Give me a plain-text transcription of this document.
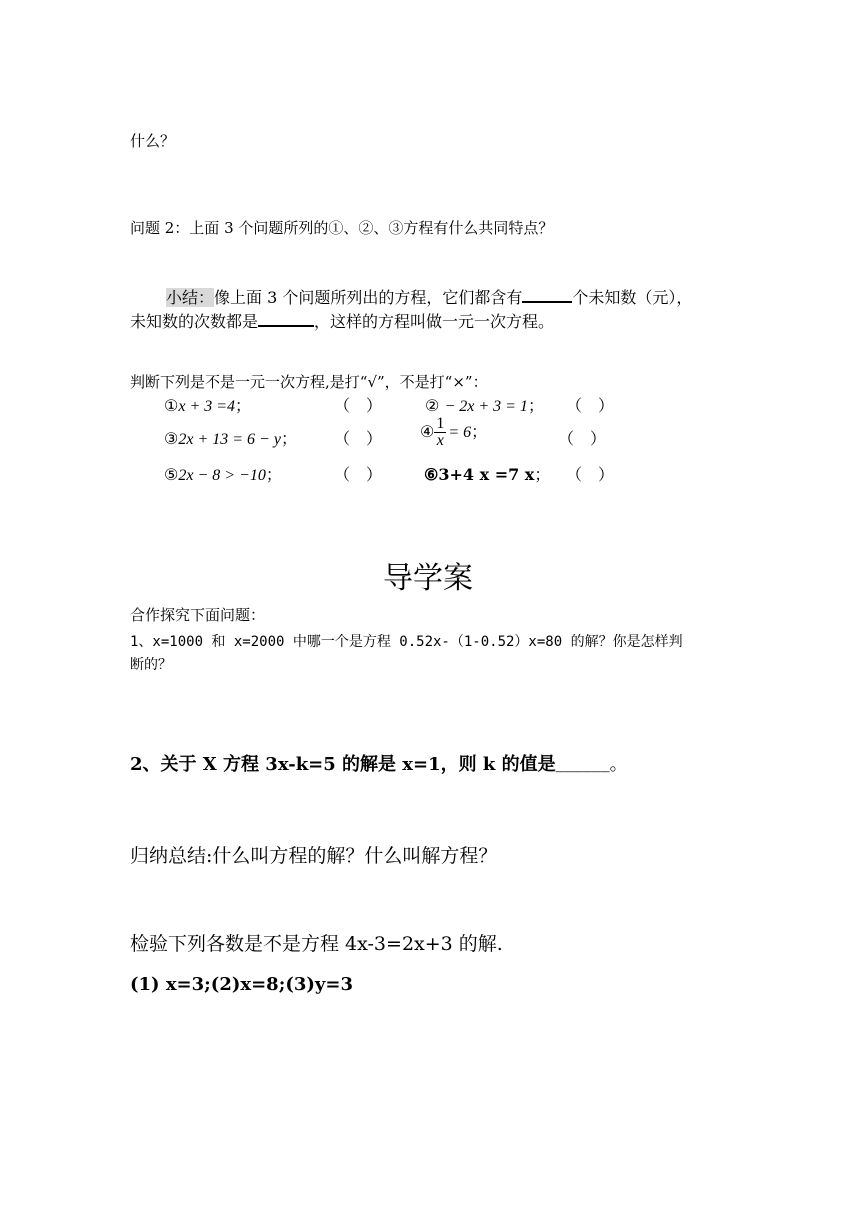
什么？
问题 2：上面 3 个问题所列的①、②、③方程有什么共同特点？
小结：像上面 3 个问题所列出的方程，它们都含有	个未知数（元），
未知数的次数都是	，这样的方程叫做一元一次方程。
判断下列是不是一元一次方程,是打“√”，不是打“×”：
①x + 3 =4；	（　）	② − 2x + 3 = 1； （　）
③2x + 13 = 6 − y； （　） ④ $\frac{1}{x} = 6$；	（　）
⑤2x − 8 > −10；	（　）	⑥3+4 x =7 x； （　）
导学案
合作探究下面问题：
1、x=1000 和 x=2000 中哪一个是方程 0.52x-（1-0.52）x=80 的解？你是怎样判
断的？
2、关于 X 方程 3x-k=5 的解是 x=1，则 k 的值是______。
归纳总结:什么叫方程的解？什么叫解方程？
检验下列各数是不是方程 4x-3=2x+3 的解.
(1) x=3;(2)x=8;(3)y=3
